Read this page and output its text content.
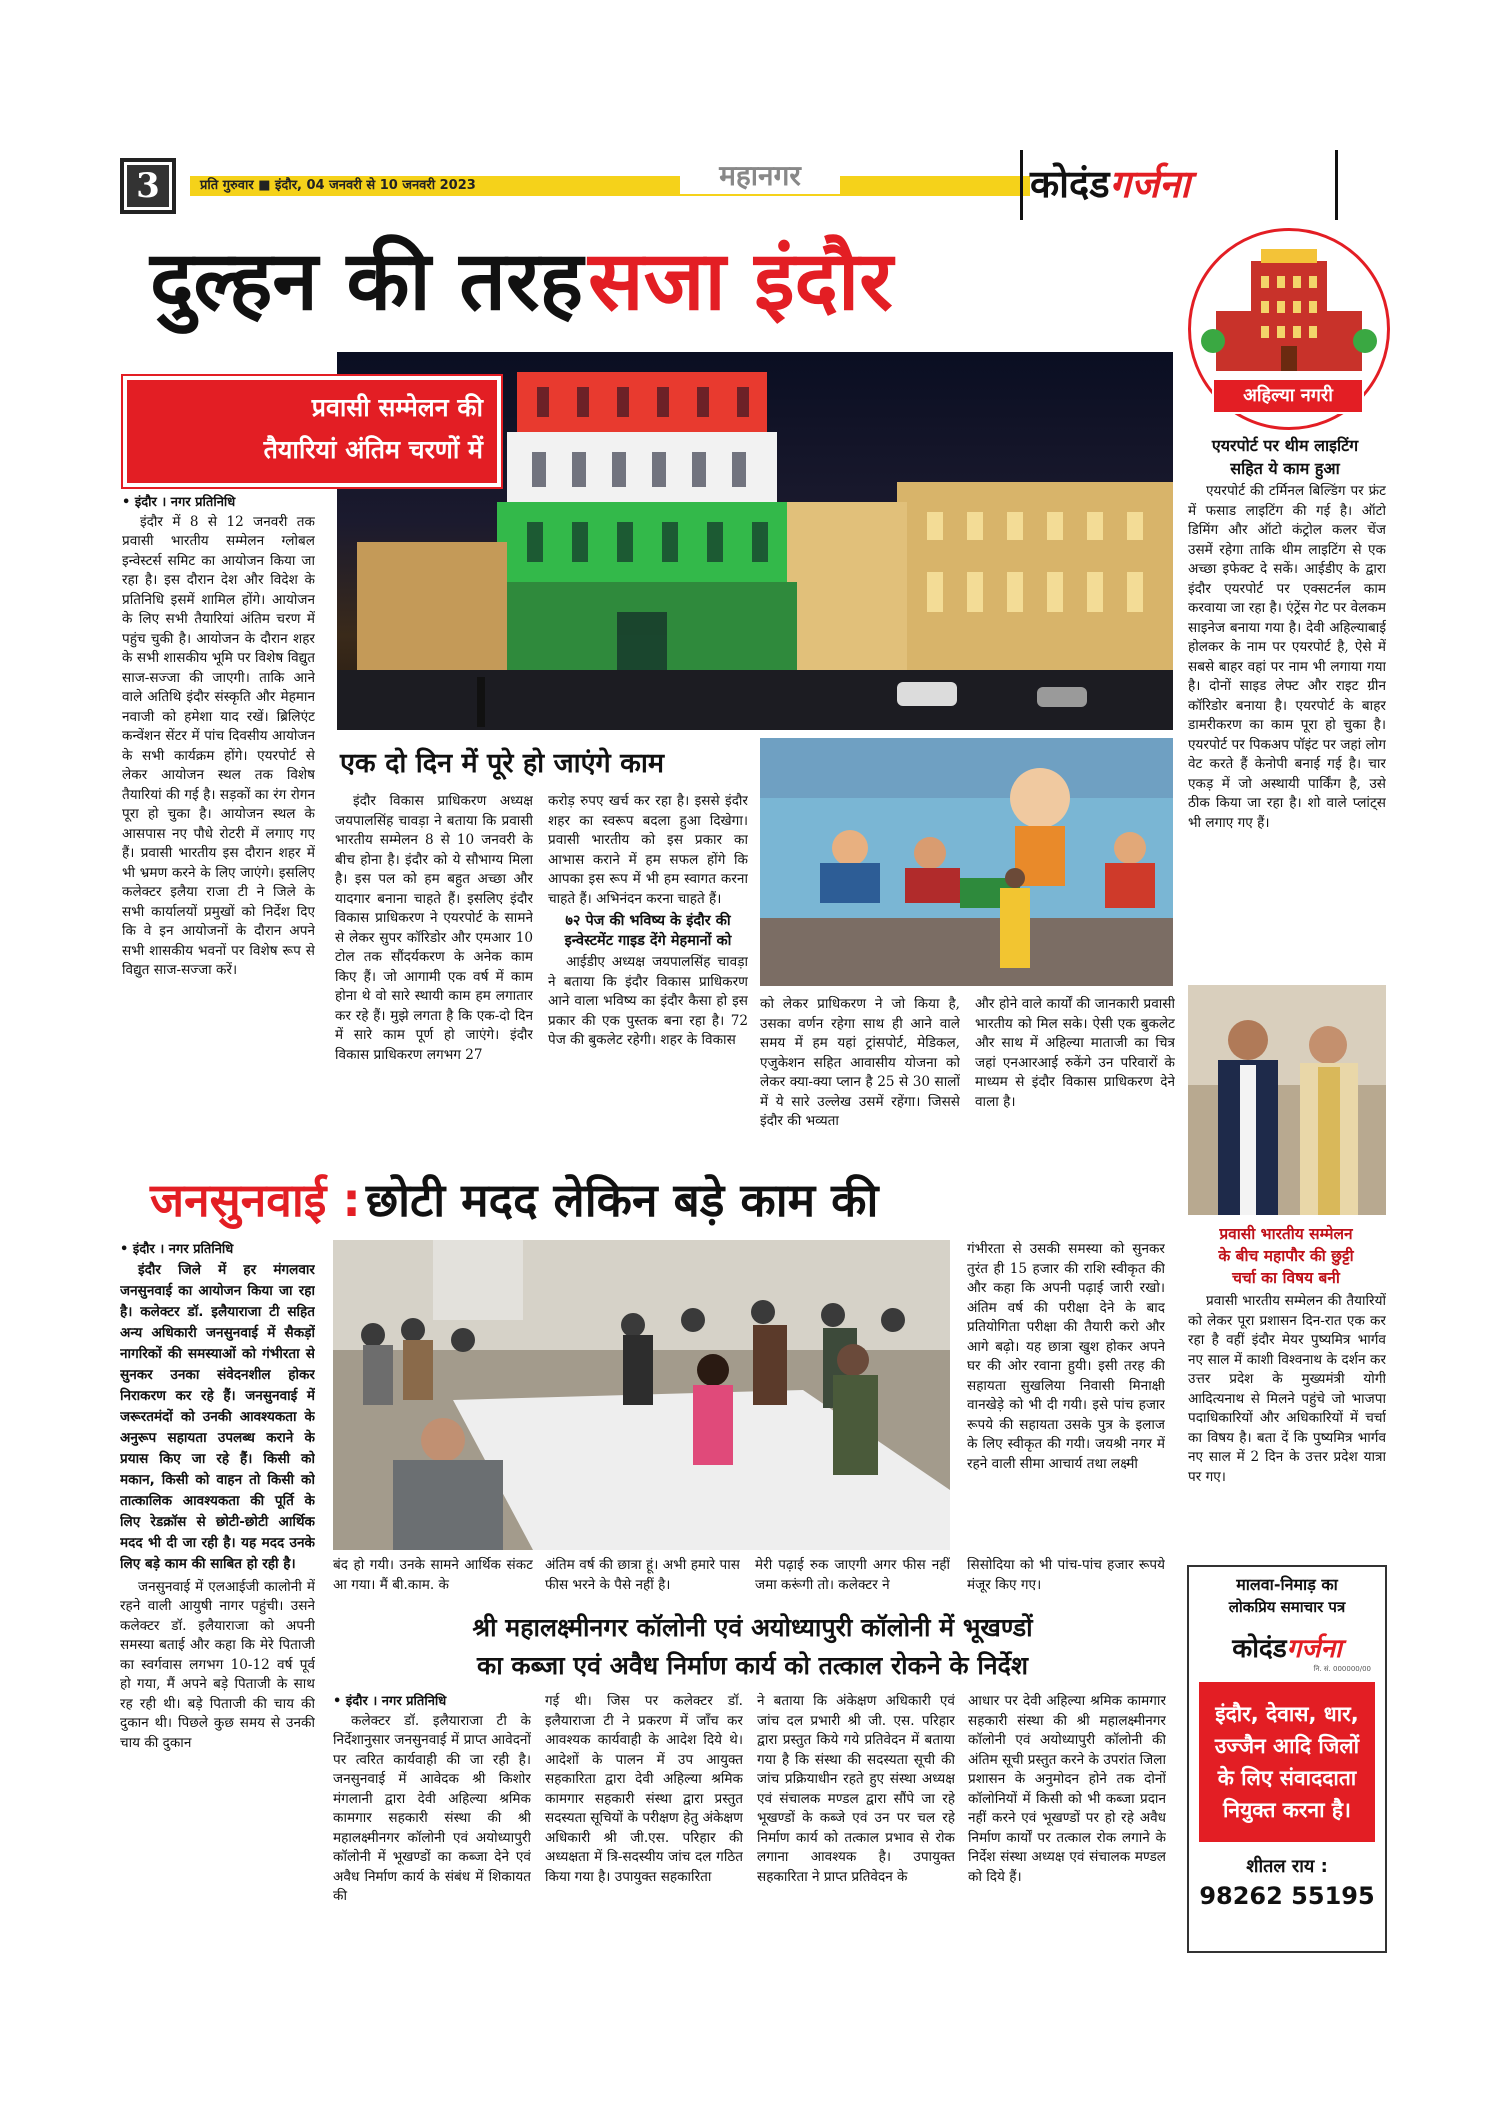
3	प्रति गुरुवार ■ इंदौर, 04 जनवरी से 10 जनवरी 2023	महानगर	कोदंडगर्जना
दुल्हन की तरह सजा इंदौर
प्रवासी सम्मेलन की
तैयारियां अंतिम चरणों में
• इंदौर । नगर प्रतिनिधि

इंदौर में 8 से 12 जनवरी तक प्रवासी भारतीय सम्मेलन ग्लोबल इन्वेस्टर्स समिट का आयोजन किया जा रहा है। इस दौरान देश और विदेश के प्रतिनिधि इसमें शामिल होंगे। आयोजन के लिए सभी तैयारियां अंतिम चरण में पहुंच चुकी है। आयोजन के दौरान शहर के सभी शासकीय भूमि पर विशेष विद्युत साज-सज्जा की जाएगी। ताकि आने वाले अतिथि इंदौर संस्कृति और मेहमान नवाजी को हमेशा याद रखें। ब्रिलिएंट कन्वेंशन सेंटर में पांच दिवसीय आयोजन के सभी कार्यक्रम होंगे। एयरपोर्ट से लेकर आयोजन स्थल तक विशेष तैयारियां की गई है। सड़कों का रंग रोगन पूरा हो चुका है। आयोजन स्थल के आसपास नए पौधे रोटरी में लगाए गए हैं। प्रवासी भारतीय इस दौरान शहर में भी भ्रमण करने के लिए जाएंगे। इसलिए कलेक्टर इलैया राजा टी ने जिले के सभी कार्यालयों प्रमुखों को निर्देश दिए कि वे इन आयोजनों के दौरान अपने सभी शासकीय भवनों पर विशेष रूप से विद्युत साज-सज्जा करें।

एक दो दिन में पूरे हो जाएंगे काम

इंदौर विकास प्राधिकरण अध्यक्ष जयपालसिंह चावड़ा ने बताया कि प्रवासी भारतीय सम्मेलन 8 से 10 जनवरी के बीच होना है। इंदौर को ये सौभाग्य मिला है। इस पल को हम बहुत अच्छा और यादगार बनाना चाहते हैं। इसलिए इंदौर विकास प्राधिकरण ने एयरपोर्ट के सामने से लेकर सुपर कॉरिडोर और एमआर 10 टोल तक सौंदर्यकरण के अनेक काम किए हैं। जो आगामी एक वर्ष में काम होना थे वो सारे स्थायी काम हम लगातार कर रहे हैं। मुझे लगता है कि एक-दो दिन में सारे काम पूर्ण हो जाएंगे। इंदौर विकास प्राधिकरण लगभग 27

करोड़ रुपए खर्च कर रहा है। इससे इंदौर शहर का स्वरूप बदला हुआ दिखेगा। प्रवासी भारतीय को इस प्रकार का आभास कराने में हम सफल होंगे कि आपका इस रूप में भी हम स्वागत करना चाहते हैं। अभिनंदन करना चाहते हैं।

७२ पेज की भविष्य के इंदौर की इन्वेस्टमेंट गाइड देंगे मेहमानों को

आईडीए अध्यक्ष जयपालसिंह चावड़ा ने बताया कि इंदौर विकास प्राधिकरण आने वाला भविष्य का इंदौर कैसा हो इस प्रकार की एक पुस्तक बना रहा है। 72 पेज की बुकलेट रहेगी। शहर के विकास

को लेकर प्राधिकरण ने जो किया है, उसका वर्णन रहेगा साथ ही आने वाले समय में हम यहां ट्रांसपोर्ट, मेडिकल, एजुकेशन सहित आवासीय योजना को लेकर क्या-क्या प्लान है 25 से 30 सालों में ये सारे उल्लेख उसमें रहेंगा। जिससे इंदौर की भव्यता

और होने वाले कार्यों की जानकारी प्रवासी भारतीय को मिल सके। ऐसी एक बुकलेट और साथ में अहिल्या माताजी का चित्र जहां एनआरआई रुकेंगे उन परिवारों के माध्यम से इंदौर विकास प्राधिकरण देने वाला है।

अहिल्या नगरी
एयरपोर्ट पर थीम लाइटिंग
सहित ये काम हुआ

एयरपोर्ट की टर्मिनल बिल्डिंग पर फ्रंट में फसाड लाइटिंग की गई है। ऑटो डिमिंग और ऑटो कंट्रोल कलर चेंज उसमें रहेगा ताकि थीम लाइटिंग से एक अच्छा इफेक्ट दे सकें। आईडीए के द्वारा इंदौर एयरपोर्ट पर एक्सटर्नल काम करवाया जा रहा है। एंट्रेंस गेट पर वेलकम साइनेज बनाया गया है। देवी अहिल्याबाई होलकर के नाम पर एयरपोर्ट है, ऐसे में सबसे बाहर वहां पर नाम भी लगाया गया है। दोनों साइड लेफ्ट और राइट ग्रीन कॉरिडोर बनाया है। एयरपोर्ट के बाहर डामरीकरण का काम पूरा हो चुका है। एयरपोर्ट पर पिकअप पॉइंट पर जहां लोग वेट करते हैं केनोपी बनाई गई है। चार एकड़ में जो अस्थायी पार्किंग है, उसे ठीक किया जा रहा है। शो वाले प्लांट्स भी लगाए गए हैं।

प्रवासी भारतीय सम्मेलन
के बीच महापौर की छुट्टी
चर्चा का विषय बनी

प्रवासी भारतीय सम्मेलन की तैयारियों को लेकर पूरा प्रशासन दिन-रात एक कर रहा है वहीं इंदौर मेयर पुष्यमित्र भार्गव नए साल में काशी विश्वनाथ के दर्शन कर उत्तर प्रदेश के मुख्यमंत्री योगी आदित्यनाथ से मिलने पहुंचे जो भाजपा पदाधिकारियों और अधिकारियों में चर्चा का विषय है। बता दें कि पुष्यमित्र भार्गव नए साल में 2 दिन के उत्तर प्रदेश यात्रा पर गए।

मालवा-निमाड़ का
लोकप्रिय समाचार पत्र
कोदंडगर्जना
नि. सं. 000000/00
इंदौर, देवास, धार, उज्जैन आदि जिलों के लिए संवाददाता नियुक्त करना है।
शीतल राय :
98262 55195
जनसुनवाई : छोटी मदद लेकिन बड़े काम की
• इंदौर । नगर प्रतिनिधि

इंदौर जिले में हर मंगलवार जनसुनवाई का आयोजन किया जा रहा है। कलेक्टर डॉ. इलैयाराजा टी सहित अन्य अधिकारी जनसुनवाई में सैकड़ों नागरिकों की समस्याओं को गंभीरता से सुनकर उनका संवेदनशील होकर निराकरण कर रहे हैं। जनसुनवाई में जरूरतमंदों को उनकी आवश्यकता के अनुरूप सहायता उपलब्ध कराने के प्रयास किए जा रहे हैं। किसी को मकान, किसी को वाहन तो किसी को तात्कालिक आवश्यकता की पूर्ति के लिए रेडक्रॉस से छोटी-छोटी आर्थिक मदद भी दी जा रही है। यह मदद उनके लिए बड़े काम की साबित हो रही है।

जनसुनवाई में एलआईजी कालोनी में रहने वाली आयुषी नागर पहुंची। उसने कलेक्टर डॉ. इलैयाराजा को अपनी समस्या बताई और कहा कि मेरे पिताजी का स्वर्गवास लगभग 10-12 वर्ष पूर्व हो गया, मैं अपने बड़े पिताजी के साथ रह रही थी। बड़े पिताजी की चाय की दुकान थी। पिछले कुछ समय से उनकी चाय की दुकान

बंद हो गयी। उनके सामने आर्थिक संकट आ गया। मैं बी.काम. के

अंतिम वर्ष की छात्रा हूं। अभी हमारे पास फीस भरने के पैसे नहीं है।

मेरी पढ़ाई रुक जाएगी अगर फीस नहीं जमा करूंगी तो। कलेक्टर ने

गंभीरता से उसकी समस्या को सुनकर तुरंत ही 15 हजार की राशि स्वीकृत की और कहा कि अपनी पढ़ाई जारी रखो। अंतिम वर्ष की परीक्षा देने के बाद प्रतियोगिता परीक्षा की तैयारी करो और आगे बढ़ो। यह छात्रा खुश होकर अपने घर की ओर रवाना हुयी। इसी तरह की सहायता सुखलिया निवासी मिनाक्षी वानखेड़े को भी दी गयी। इसे पांच हजार रूपये की सहायता उसके पुत्र के इलाज के लिए स्वीकृत की गयी। जयश्री नगर में रहने वाली सीमा आचार्य तथा लक्ष्मी

सिसोदिया को भी पांच-पांच हजार रूपये मंजूर किए गए।

श्री महालक्ष्मीनगर कॉलोनी एवं अयोध्यापुरी कॉलोनी में भूखण्डों
का कब्जा एवं अवैध निर्माण कार्य को तत्काल रोकने के निर्देश
• इंदौर । नगर प्रतिनिधि

कलेक्टर डॉ. इलैयाराजा टी के निर्देशानुसार जनसुनवाई में प्राप्त आवेदनों पर त्वरित कार्यवाही की जा रही है। जनसुनवाई में आवेदक श्री किशोर मंगलानी द्वारा देवी अहिल्या श्रमिक कामगार सहकारी संस्था की श्री महालक्ष्मीनगर कॉलोनी एवं अयोध्यापुरी कॉलोनी में भूखण्डों का कब्जा देने एवं अवैध निर्माण कार्य के संबंध में शिकायत की

गई थी। जिस पर कलेक्टर डॉ. इलैयाराजा टी ने प्रकरण में जाँच कर आवश्यक कार्यवाही के आदेश दिये थे। आदेशों के पालन में उप आयुक्त सहकारिता द्वारा देवी अहिल्या श्रमिक कामगार सहकारी संस्था द्वारा प्रस्तुत सदस्यता सूचियों के परीक्षण हेतु अंकेक्षण अधिकारी श्री जी.एस. परिहार की अध्यक्षता में त्रि-सदस्यीय जांच दल गठित किया गया है। उपायुक्त सहकारिता

ने बताया कि अंकेक्षण अधिकारी एवं जांच दल प्रभारी श्री जी. एस. परिहार द्वारा प्रस्तुत किये गये प्रतिवेदन में बताया गया है कि संस्था की सदस्यता सूची की जांच प्रक्रियाधीन रहते हुए संस्था अध्यक्ष एवं संचालक मण्डल द्वारा सौंपे जा रहे भूखण्डों के कब्जे एवं उन पर चल रहे निर्माण कार्य को तत्काल प्रभाव से रोक लगाना आवश्यक है। उपायुक्त सहकारिता ने प्राप्त प्रतिवेदन के

आधार पर देवी अहिल्या श्रमिक कामगार सहकारी संस्था की श्री महालक्ष्मीनगर कॉलोनी एवं अयोध्यापुरी कॉलोनी की अंतिम सूची प्रस्तुत करने के उपरांत जिला प्रशासन के अनुमोदन होने तक दोनों कॉलोनियों में किसी को भी कब्जा प्रदान नहीं करने एवं भूखण्डों पर हो रहे अवैध निर्माण कार्यों पर तत्काल रोक लगाने के निर्देश संस्था अध्यक्ष एवं संचालक मण्डल को दिये हैं।
